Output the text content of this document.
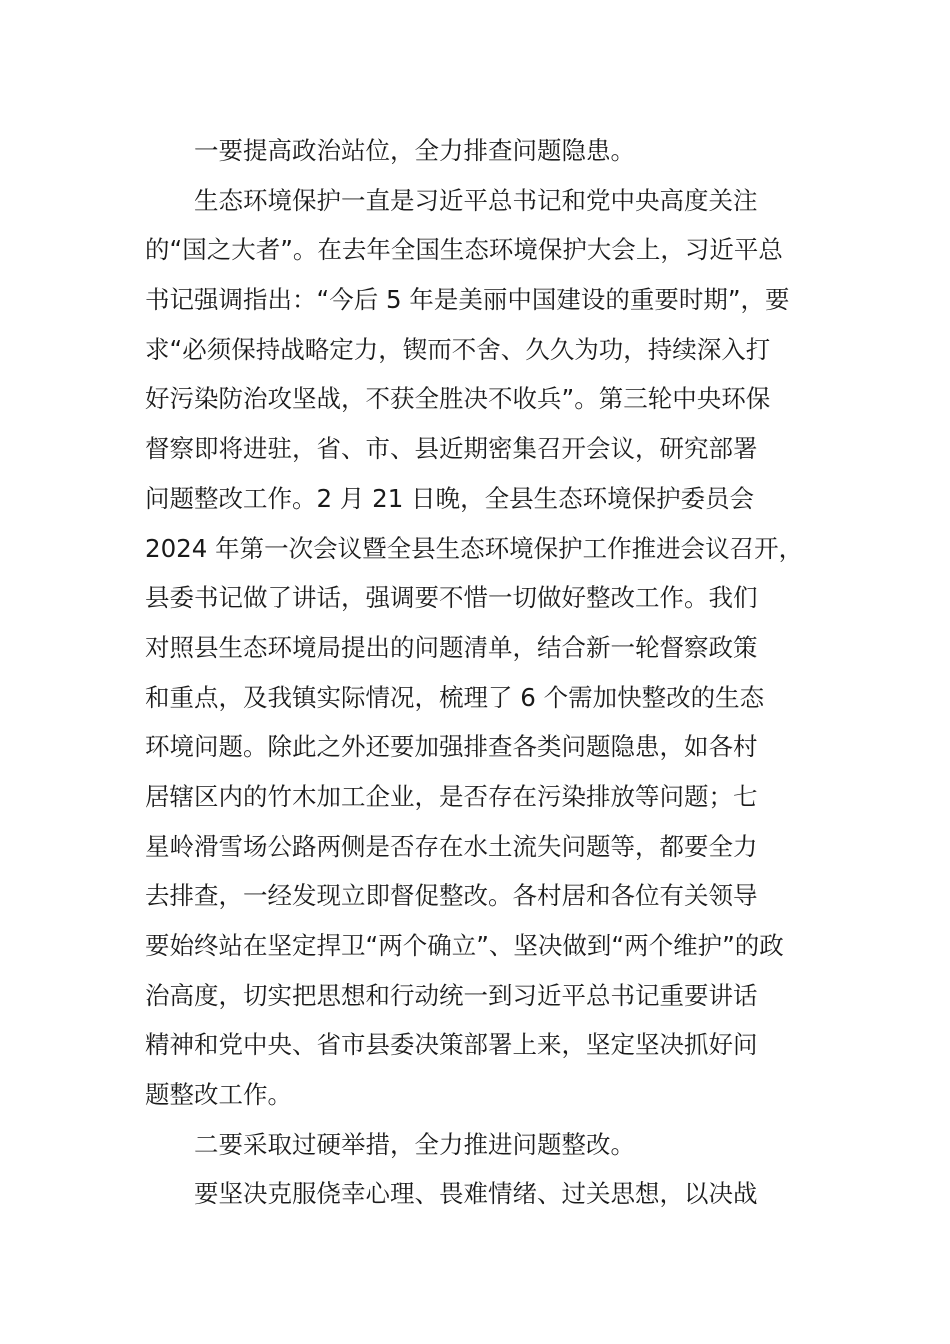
一要提高政治站位，全力排查问题隐患。
生态环境保护一直是习近平总书记和党中央高度关注
的“国之大者”。在去年全国生态环境保护大会上，习近平总
书记强调指出：“今后 5 年是美丽中国建设的重要时期”，要
求“必须保持战略定力，锲而不舍、久久为功，持续深入打
好污染防治攻坚战，不获全胜决不收兵”。第三轮中央环保
督察即将进驻，省、市、县近期密集召开会议，研究部署
问题整改工作。2 月 21 日晚，全县生态环境保护委员会
2024 年第一次会议暨全县生态环境保护工作推进会议召开，
县委书记做了讲话，强调要不惜一切做好整改工作。我们
对照县生态环境局提出的问题清单，结合新一轮督察政策
和重点，及我镇实际情况，梳理了 6 个需加快整改的生态
环境问题。除此之外还要加强排查各类问题隐患，如各村
居辖区内的竹木加工企业，是否存在污染排放等问题；七
星岭滑雪场公路两侧是否存在水土流失问题等，都要全力
去排查，一经发现立即督促整改。各村居和各位有关领导
要始终站在坚定捍卫“两个确立”、坚决做到“两个维护”的政
治高度，切实把思想和行动统一到习近平总书记重要讲话
精神和党中央、省市县委决策部署上来，坚定坚决抓好问
题整改工作。
二要采取过硬举措，全力推进问题整改。
要坚决克服侥幸心理、畏难情绪、过关思想，以决战
